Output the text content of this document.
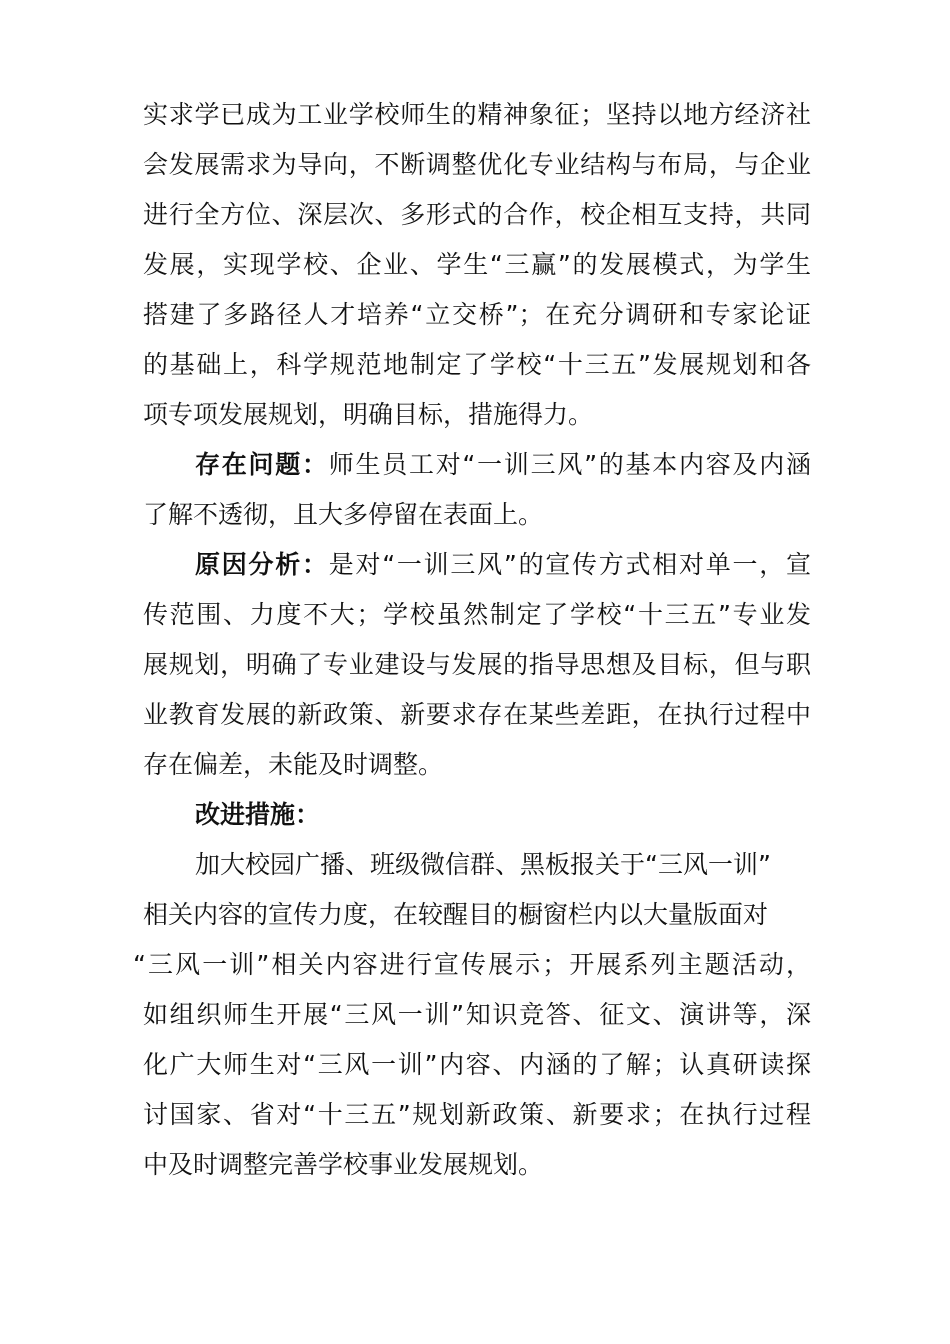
实求学已成为工业学校师生的精神象征；坚持以地方经济社
会发展需求为导向，不断调整优化专业结构与布局，与企业
进行全方位、深层次、多形式的合作，校企相互支持，共同
发展，实现学校、企业、学生“三赢”的发展模式，为学生
搭建了多路径人才培养“立交桥”；在充分调研和专家论证
的基础上，科学规范地制定了学校“十三五”发展规划和各
项专项发展规划，明确目标，措施得力。
存在问题：师生员工对“一训三风”的基本内容及内涵
了解不透彻，且大多停留在表面上。
原因分析：是对“一训三风”的宣传方式相对单一，宣
传范围、力度不大；学校虽然制定了学校“十三五”专业发
展规划，明确了专业建设与发展的指导思想及目标，但与职
业教育发展的新政策、新要求存在某些差距，在执行过程中
存在偏差，未能及时调整。
改进措施：
加大校园广播、班级微信群、黑板报关于“三风一训”
相关内容的宣传力度，在较醒目的橱窗栏内以大量版面对
“三风一训”相关内容进行宣传展示；开展系列主题活动，
如组织师生开展“三风一训”知识竞答、征文、演讲等，深
化广大师生对“三风一训”内容、内涵的了解；认真研读探
讨国家、省对“十三五”规划新政策、新要求；在执行过程
中及时调整完善学校事业发展规划。
